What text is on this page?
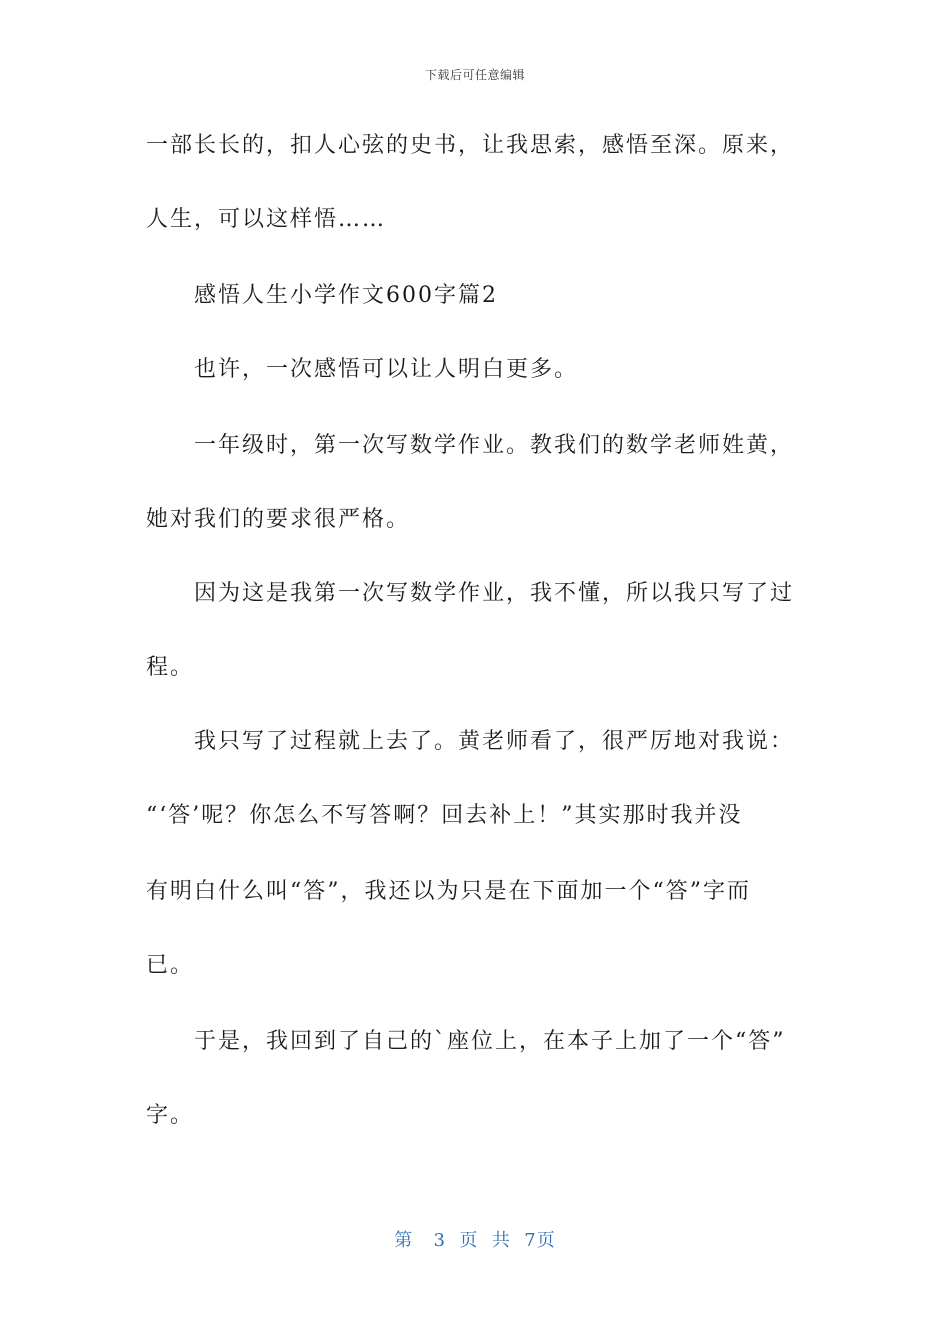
下载后可任意编辑
一部长长的，扣人心弦的史书，让我思索，感悟至深。原来，
人生，可以这样悟……
感悟人生小学作文600字篇2
也许，一次感悟可以让人明白更多。
一年级时，第一次写数学作业。教我们的数学老师姓黄，
她对我们的要求很严格。
因为这是我第一次写数学作业，我不懂，所以我只写了过
程。
我只写了过程就上去了。黄老师看了，很严厉地对我说：
“‘答’呢？你怎么不写答啊？回去补上！”其实那时我并没
有明白什么叫“答”，我还以为只是在下面加一个“答”字而
已。
于是，我回到了自己的`座位上，在本子上加了一个“答”
字。
第 3 页 共 7页
